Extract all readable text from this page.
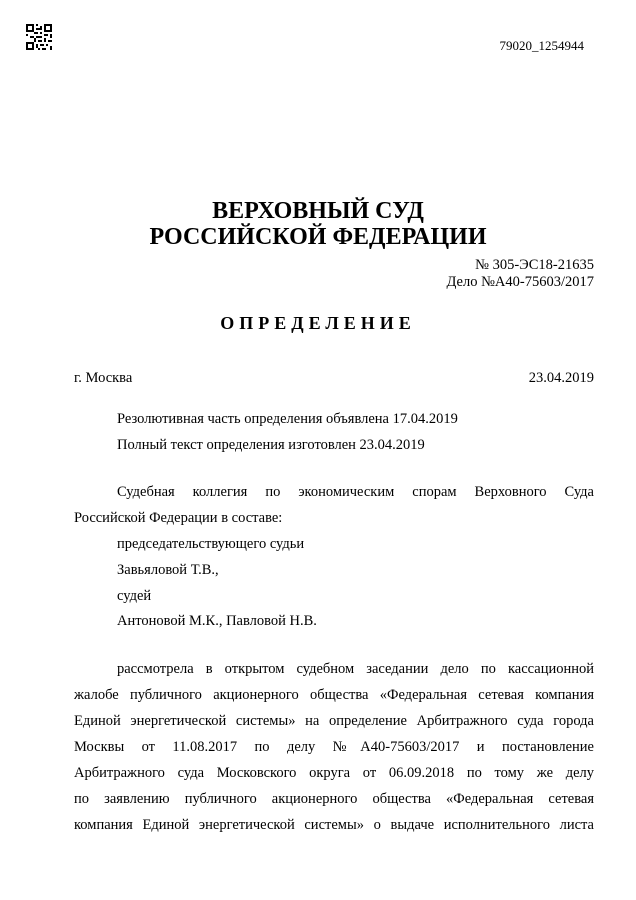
79020_1254944
ВЕРХОВНЫЙ СУД
РОССИЙСКОЙ ФЕДЕРАЦИИ
№ 305-ЭС18-21635
Дело №А40-75603/2017
ОПРЕДЕЛЕНИЕ
г. Москва	23.04.2019
Резолютивная часть определения объявлена 17.04.2019
Полный текст определения изготовлен 23.04.2019
Судебная коллегия по экономическим спорам Верховного Суда
Российской Федерации в составе:
председательствующего судьи
Завьяловой Т.В.,
судей
Антоновой М.К., Павловой Н.В.
рассмотрела в открытом судебном заседании дело по кассационной
жалобе публичного акционерного общества «Федеральная сетевая компания
Единой энергетической системы» на определение Арбитражного суда города
Москвы от 11.08.2017 по делу №А40-75603/2017 и постановление
Арбитражного суда Московского округа от 06.09.2018 по тому же делу
по заявлению публичного акционерного общества «Федеральная сетевая
компания Единой энергетической системы» о выдаче исполнительного листа
